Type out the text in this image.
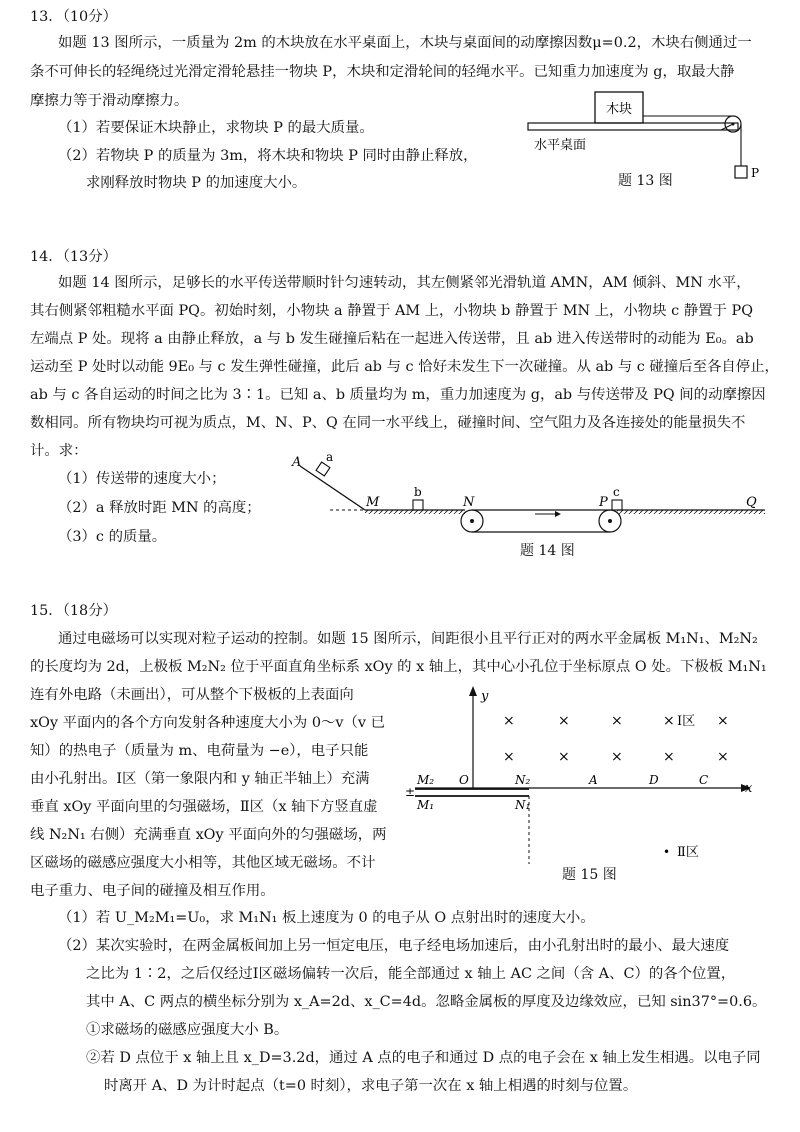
13．（10分）
如题 13 图所示，一质量为 2m 的木块放在水平桌面上，木块与桌面间的动摩擦因数μ=0.2，木块右侧通过一
条不可伸长的轻绳绕过光滑定滑轮悬挂一物块 P，木块和定滑轮间的轻绳水平。已知重力加速度为 g，取最大静
摩擦力等于滑动摩擦力。
（1）若要保证木块静止，求物块 P 的最大质量。
（2）若物块 P 的质量为 3m，将木块和物块 P 同时由静止释放，
求刚释放时物块 P 的加速度大小。
木块
P
水平桌面
题 13 图
14．（13分）
如题 14 图所示，足够长的水平传送带顺时针匀速转动，其左侧紧邻光滑轨道 AMN，AM 倾斜、MN 水平，
其右侧紧邻粗糙水平面 PQ。初始时刻，小物块 a 静置于 AM 上，小物块 b 静置于 MN 上，小物块 c 静置于 PQ
左端点 P 处。现将 a 由静止释放，a 与 b 发生碰撞后粘在一起进入传送带，且 ab 进入传送带时的动能为 E₀。ab
运动至 P 处时以动能 9E₀ 与 c 发生弹性碰撞，此后 ab 与 c 恰好未发生下一次碰撞。从 ab 与 c 碰撞后至各自停止，
ab 与 c 各自运动的时间之比为 3∶1。已知 a、b 质量均为 m，重力加速度为 g，ab 与传送带及 PQ 间的动摩擦因
数相同。所有物块均可视为质点，M、N、P、Q 在同一水平线上，碰撞时间、空气阻力及各连接处的能量损失不
计。求：
（1）传送带的速度大小；
（2）a 释放时距 MN 的高度；
（3）c 的质量。
A a
M
b
N	P
c
Q
题 14 图
15．（18分）
通过电磁场可以实现对粒子运动的控制。如题 15 图所示，间距很小且平行正对的两水平金属板 M₁N₁、M₂N₂
的长度均为 2d，上极板 M₂N₂ 位于平面直角坐标系 xOy 的 x 轴上，其中心小孔位于坐标原点 O 处。下极板 M₁N₁
连有外电路（未画出），可从整个下极板的上表面向
xOy 平面内的各个方向发射各种速度大小为 0～v（v 已
知）的热电子（质量为 m、电荷量为 −e），电子只能
由小孔射出。Ⅰ区（第一象限内和 y 轴正半轴上）充满
垂直 xOy 平面向里的匀强磁场，Ⅱ区（x 轴下方竖直虚
线 N₂N₁ 右侧）充满垂直 xOy 平面向外的匀强磁场，两
区磁场的磁感应强度大小相等，其他区域无磁场。不计
电子重力、电子间的碰撞及相互作用。
y
x
±
M₂
M₁
O	N₂
N₁
A	D	C
×	×	×	× Ⅰ区 ×
×	×	×	×	×
• Ⅱ区
题 15 图
（1）若 U_M₂M₁=U₀，求 M₁N₁ 板上速度为 0 的电子从 O 点射出时的速度大小。
（2）某次实验时，在两金属板间加上另一恒定电压，电子经电场加速后，由小孔射出时的最小、最大速度
之比为 1∶2，之后仅经过Ⅰ区磁场偏转一次后，能全部通过 x 轴上 AC 之间（含 A、C）的各个位置，
其中 A、C 两点的横坐标分别为 x_A=2d、x_C=4d。忽略金属板的厚度及边缘效应，已知 sin37°=0.6。
①求磁场的磁感应强度大小 B。
②若 D 点位于 x 轴上且 x_D=3.2d，通过 A 点的电子和通过 D 点的电子会在 x 轴上发生相遇。以电子同
时离开 A、D 为计时起点（t=0 时刻），求电子第一次在 x 轴上相遇的时刻与位置。
